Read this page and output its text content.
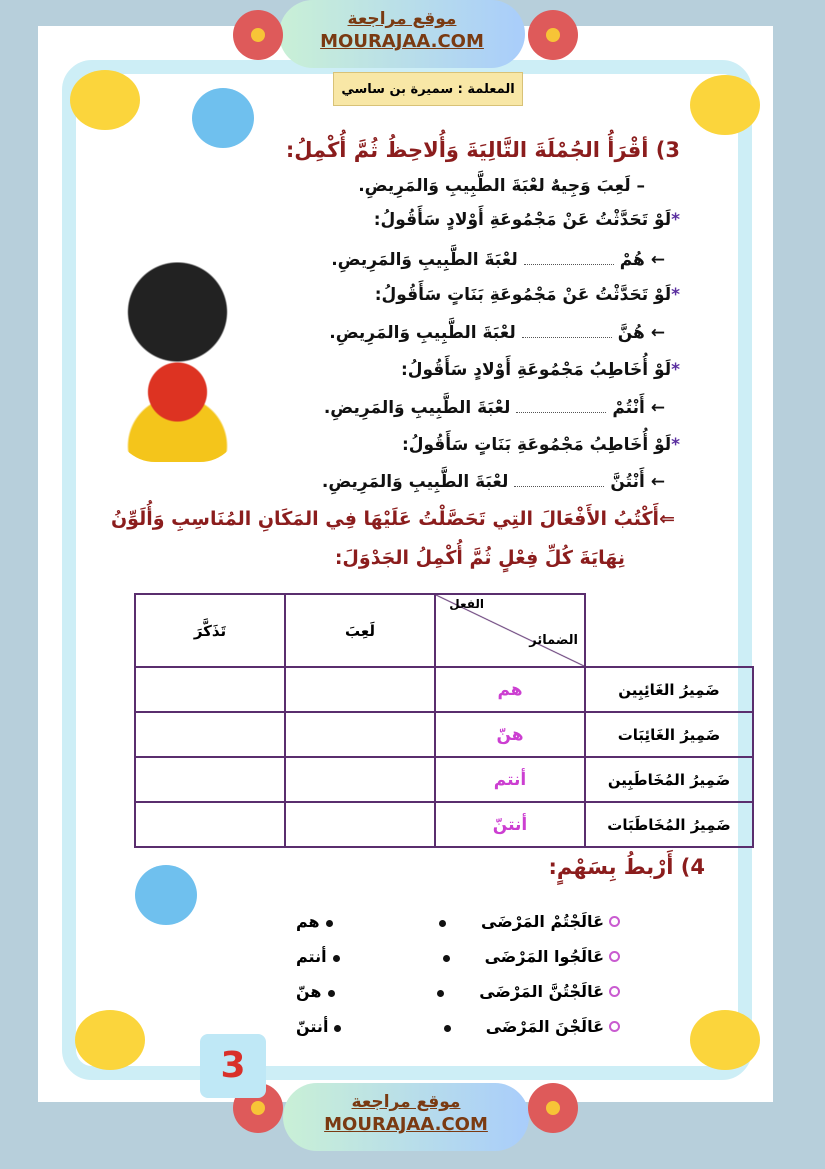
موقع مراجعة
MOURAJAA.COM
موقع مراجعة
MOURAJAA.COM
المعلمة : سميرة بن ساسي
3) أقْرَأُ الجُمْلَةَ التَّالِيَةَ وَأُلاحِظُ ثُمَّ أُكْمِلُ:
– لَعِبَ وَجِيهٌ لعْبَةَ الطَّبِيبِ وَالمَرِيضِ.
*لَوْ تَحَدَّثْتُ عَنْ مَجْمُوعَةِ أَوْلادٍ سَأَقُولُ:
← هُمْلعْبَةَ الطَّبِيبِ وَالمَرِيضِ.
*لَوْ تَحَدَّثْتُ عَنْ مَجْمُوعَةِ بَنَاتٍ سَأَقُولُ:
← هُنَّلعْبَةَ الطَّبِيبِ وَالمَرِيضِ.
*لَوْ أُخَاطِبُ مَجْمُوعَةِ أَوْلادٍ سَأَقُولُ:
← أَنْتُمْلعْبَةَ الطَّبِيبِ وَالمَرِيضِ.
*لَوْ أُخَاطِبُ مَجْمُوعَةِ بَنَاتٍ سَأَقُولُ:
← أَنْتُنَّلعْبَةَ الطَّبِيبِ وَالمَرِيضِ.
⇐أَكْتُبُ الأَفْعَالَ التِي تَحَصَّلْتُ عَلَيْهَا فِي المَكَانِ المُنَاسِبِ وَأُلَوِّنُ
نِهَايَةَ كُلِّ فِعْلٍ ثُمَّ أُكْمِلُ الجَدْوَلَ:

	الفعل
الضمائر	لَعِبَ	تَذَكَّرَ
ضَمِيرُ الغَائِبِين	هم		
ضَمِيرُ الغَائِبَات	هنّ		
ضَمِيرُ المُخَاطَبِين	أنتم		
ضَمِيرُ المُخَاطَبَات	أنتنّ		
4) أَرْبطُ بِسَهْمٍ:
عَالَجْتُمْ المَرْضَى
عَالَجُوا المَرْضَى
عَالَجْتُنَّ المَرْضَى
عَالَجْنَ المَرْضَى
هم
أنتم
هنّ
أنتنّ
3
